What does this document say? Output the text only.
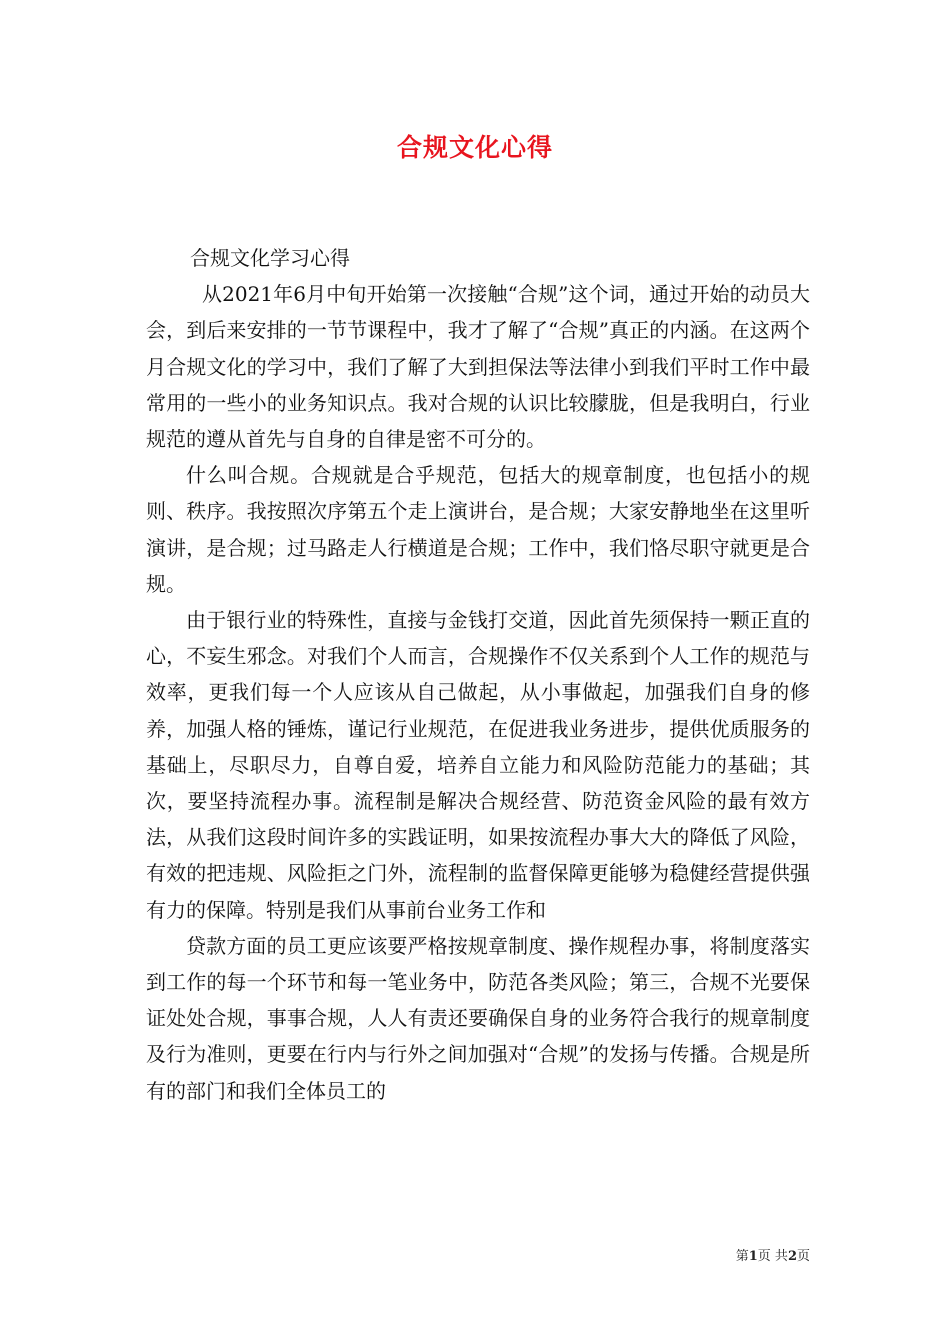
合规文化心得

合规文化学习心得

从2021年6月中旬开始第一次接触“合规”这个词，通过开始的动员大会，到后来安排的一节节课程中，我才了解了“合规”真正的内涵。在这两个月合规文化的学习中，我们了解了大到担保法等法律小到我们平时工作中最常用的一些小的业务知识点。我对合规的认识比较朦胧，但是我明白，行业规范的遵从首先与自身的自律是密不可分的。

什么叫合规。合规就是合乎规范，包括大的规章制度，也包括小的规则、秩序。我按照次序第五个走上演讲台，是合规；大家安静地坐在这里听演讲，是合规；过马路走人行横道是合规；工作中，我们恪尽职守就更是合规。

由于银行业的特殊性，直接与金钱打交道，因此首先须保持一颗正直的心，不妄生邪念。对我们个人而言，合规操作不仅关系到个人工作的规范与效率，更我们每一个人应该从自己做起，从小事做起，加强我们自身的修养，加强人格的锤炼，谨记行业规范，在促进我业务进步，提供优质服务的基础上，尽职尽力，自尊自爱，培养自立能力和风险防范能力的基础；其次，要坚持流程办事。流程制是解决合规经营、防范资金风险的最有效方法，从我们这段时间许多的实践证明，如果按流程办事大大的降低了风险，有效的把违规、风险拒之门外，流程制的监督保障更能够为稳健经营提供强有力的保障。特别是我们从事前台业务工作和

贷款方面的员工更应该要严格按规章制度、操作规程办事，将制度落实到工作的每一个环节和每一笔业务中，防范各类风险；第三，合规不光要保证处处合规，事事合规，人人有责还要确保自身的业务符合我行的规章制度及行为准则，更要在行内与行外之间加强对“合规”的发扬与传播。合规是所有的部门和我们全体员工的

第1页 共2页
